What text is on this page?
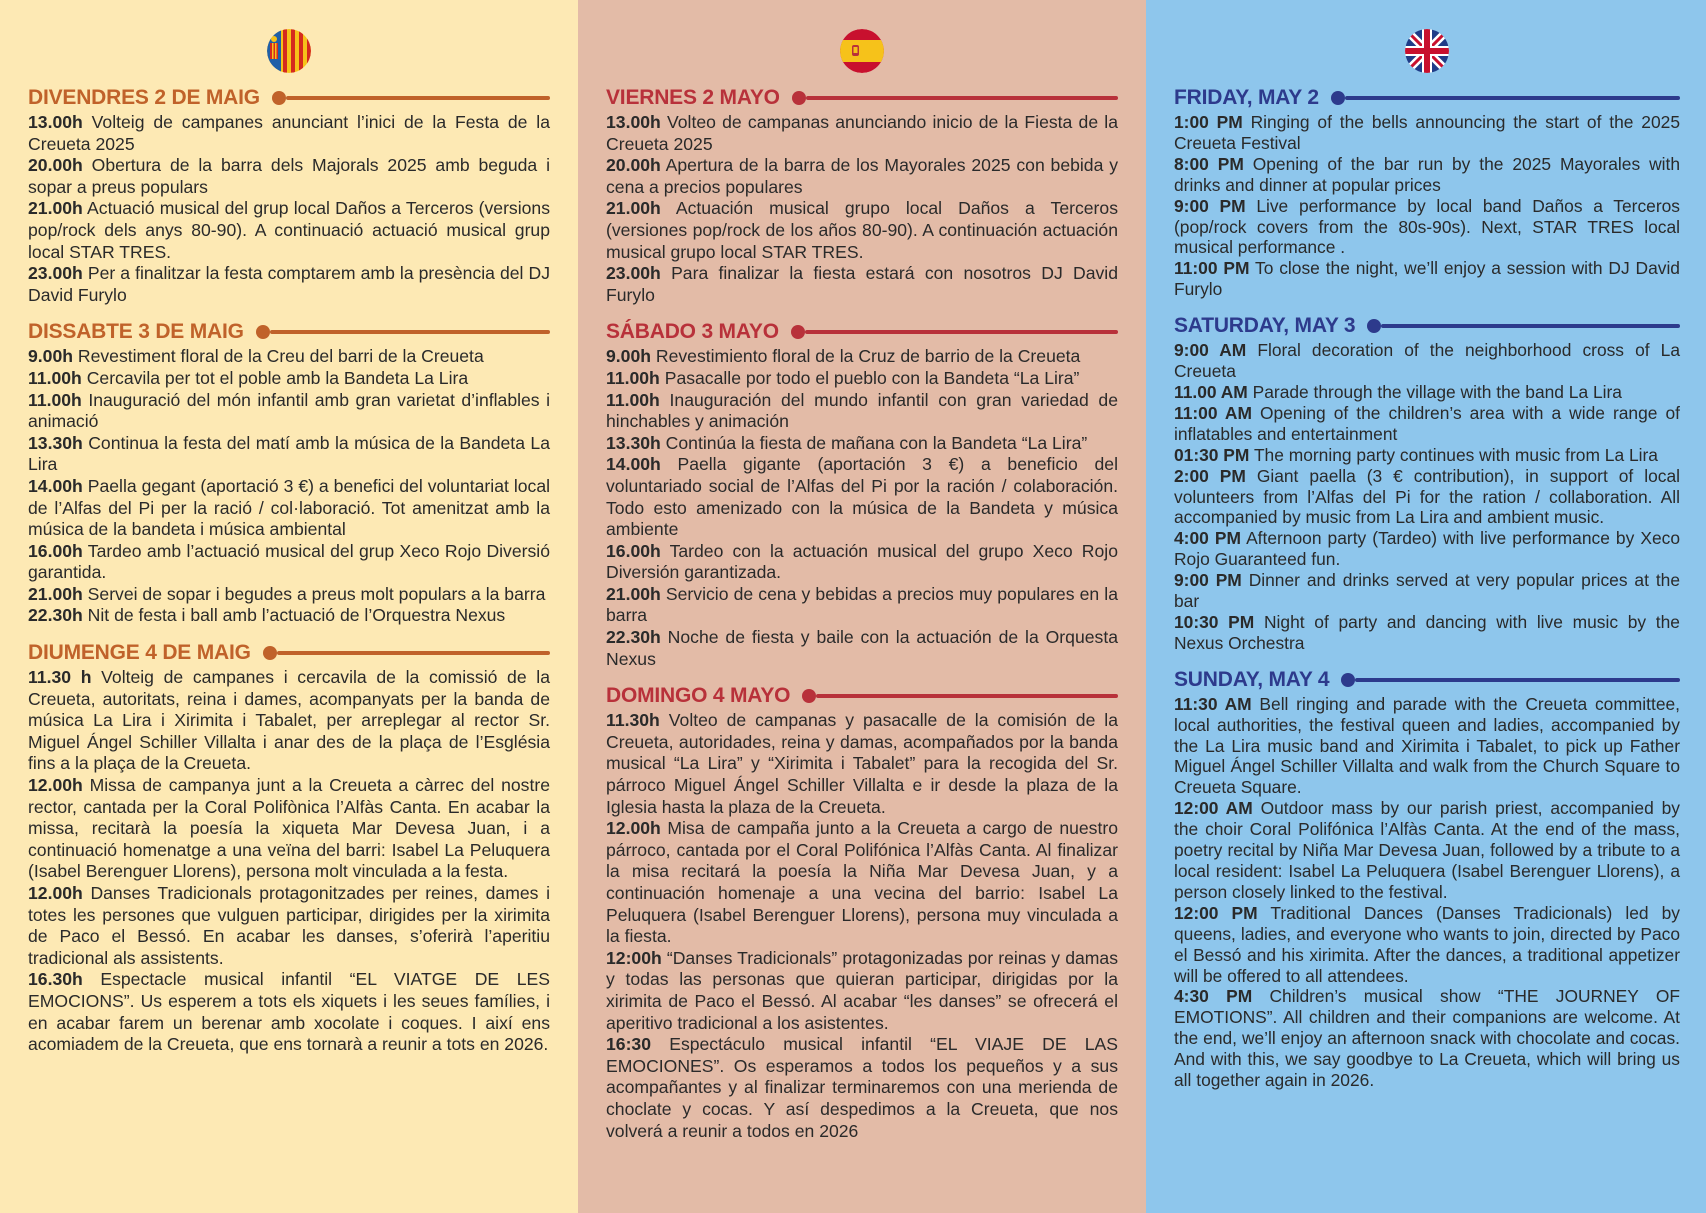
DIVENDRES 2 DE MAIG

13.00h Volteig de campanes anunciant l’inici de la Festa de la Creueta 2025

20.00h Obertura de la barra dels Majorals 2025 amb beguda i sopar a preus populars

21.00h Actuació musical del grup local Daños a Terceros (versions pop/rock dels anys 80-90). A continuació actuació musical grup local STAR TRES.

23.00h Per a finalitzar la festa comptarem amb la presència del DJ David Furylo

DISSABTE 3 DE MAIG

9.00h Revestiment floral de la Creu del barri de la Creueta

11.00h Cercavila per tot el poble amb la Bandeta La Lira

11.00h Inauguració del món infantil amb gran varietat d’inflables i animació

13.30h Continua la festa del matí amb la música de la Bandeta La Lira

14.00h Paella gegant (aportació 3 €) a benefici del voluntariat local de l’Alfas del Pi per la ració / col·laboració. Tot amenitzat amb la música de la bandeta i música ambiental

16.00h Tardeo amb l’actuació musical del grup Xeco Rojo Diversió garantida.

21.00h Servei de sopar i begudes a preus molt populars a la barra

22.30h Nit de festa i ball amb l’actuació de l’Orquestra Nexus

DIUMENGE 4 DE MAIG

11.30 h Volteig de campanes i cercavila de la comissió de la Creueta, autoritats, reina i dames, acompanyats per la banda de música La Lira i Xirimita i Tabalet, per arreplegar al rector Sr. Miguel Ángel Schiller Villalta i anar des de la plaça de l’Església fins a la plaça de la Creueta.

12.00h Missa de campanya junt a la Creueta a càrrec del nostre rector, cantada per la Coral Polifònica l’Alfàs Canta. En acabar la missa, recitarà la poesía la xiqueta Mar Devesa Juan, i a continuació homenatge a una veïna del barri: Isabel La Peluquera (Isabel Berenguer Llorens), persona molt vinculada a la festa.

12.00h Danses Tradicionals protagonitzades per reines, dames i totes les persones que vulguen participar, dirigides per la xirimita de Paco el Bessó. En acabar les danses, s’oferirà l’aperitiu tradicional als assistents.

16.30h Espectacle musical infantil “EL VIATGE DE LES EMOCIONS”. Us esperem a tots els xiquets i les seues famílies, i en acabar farem un berenar amb xocolate i coques. I així ens acomiadem de la Creueta, que ens tornarà a reunir a tots en 2026.

VIERNES 2 MAYO

13.00h Volteo de campanas anunciando inicio de la Fiesta de la Creueta 2025

20.00h Apertura de la barra de los Mayorales 2025 con bebida y cena a precios populares

21.00h Actuación musical grupo local Daños a Terceros (versiones pop/rock de los años 80-90). A continuación actuación musical grupo local STAR TRES.

23.00h Para finalizar la fiesta estará con nosotros DJ David Furylo

SÁBADO 3 MAYO

9.00h Revestimiento floral de la Cruz de barrio de la Creueta

11.00h Pasacalle por todo el pueblo con la Bandeta “La Lira”

11.00h Inauguración del mundo infantil con gran variedad de hinchables y animación

13.30h Continúa la fiesta de mañana con la Bandeta “La Lira”

14.00h Paella gigante (aportación 3 €) a beneficio del voluntariado social de l’Alfas del Pi por la ración / colaboración. Todo esto amenizado con la música de la Bandeta y música ambiente

16.00h Tardeo con la actuación musical del grupo Xeco Rojo Diversión garantizada.

21.00h Servicio de cena y bebidas a precios muy populares en la barra

22.30h Noche de fiesta y baile con la actuación de la Orquesta Nexus

DOMINGO 4 MAYO

11.30h Volteo de campanas y pasacalle de la comisión de la Creueta, autoridades, reina y damas, acompañados por la banda musical “La Lira” y “Xirimita i Tabalet” para la recogida del Sr. párroco Miguel Ángel Schiller Villalta e ir desde la plaza de la Iglesia hasta la plaza de la Creueta.

12.00h Misa de campaña junto a la Creueta a cargo de nuestro párroco, cantada por el Coral Polifónica l’Alfàs Canta. Al finalizar la misa recitará la poesía la Niña Mar Devesa Juan, y a continuación homenaje a una vecina del barrio: Isabel La Peluquera (Isabel Berenguer Llorens), persona muy vinculada a la fiesta.

12:00h “Danses Tradicionals” protagonizadas por reinas y damas y todas las personas que quieran participar, dirigidas por la xirimita de Paco el Bessó. Al acabar “les danses” se ofrecerá el aperitivo tradicional a los asistentes.

16:30 Espectáculo musical infantil “EL VIAJE DE LAS EMOCIONES”. Os esperamos a todos los pequeños y a sus acompañantes y al finalizar terminaremos con una merienda de choclate y cocas. Y así despedimos a la Creueta, que nos volverá a reunir a todos en 2026

FRIDAY, MAY 2

1:00 PM Ringing of the bells announcing the start of the 2025 Creueta Festival

8:00 PM Opening of the bar run by the 2025 Mayorales with drinks and dinner at popular prices

9:00 PM Live performance by local band Daños a Terceros (pop/rock covers from the 80s-90s). Next, STAR TRES local musical performance .

11:00 PM To close the night, we’ll enjoy a session with DJ David Furylo

SATURDAY, MAY 3

9:00 AM Floral decoration of the neighborhood cross of La Creueta

11.00 AM Parade through the village with the band La Lira

11:00 AM Opening of the children’s area with a wide range of inflatables and entertainment

01:30 PM The morning party continues with music from La Lira

2:00 PM Giant paella (3 € contribution), in support of local volunteers from l’Alfas del Pi for the ration / collaboration. All accompanied by music from La Lira and ambient music.

4:00 PM Afternoon party (Tardeo) with live performance by Xeco Rojo Guaranteed fun.

9:00 PM Dinner and drinks served at very popular prices at the bar

10:30 PM Night of party and dancing with live music by the Nexus Orchestra

SUNDAY, MAY 4

11:30 AM Bell ringing and parade with the Creueta committee, local authorities, the festival queen and ladies, accompanied by the La Lira music band and Xirimita i Tabalet, to pick up Father Miguel Ángel Schiller Villalta and walk from the Church Square to Creueta Square.

12:00 AM Outdoor mass by our parish priest, accompanied by the choir Coral Polifónica l’Alfàs Canta. At the end of the mass, poetry recital by Niña Mar Devesa Juan, followed by a tribute to a local resident: Isabel La Peluquera (Isabel Berenguer Llorens), a person closely linked to the festival.

12:00 PM Traditional Dances (Danses Tradicionals) led by queens, ladies, and everyone who wants to join, directed by Paco el Bessó and his xirimita. After the dances, a traditional appetizer will be offered to all attendees.

4:30 PM Children’s musical show “THE JOURNEY OF EMOTIONS”. All children and their companions are welcome. At the end, we’ll enjoy an afternoon snack with chocolate and cocas. And with this, we say goodbye to La Creueta, which will bring us all together again in 2026.
